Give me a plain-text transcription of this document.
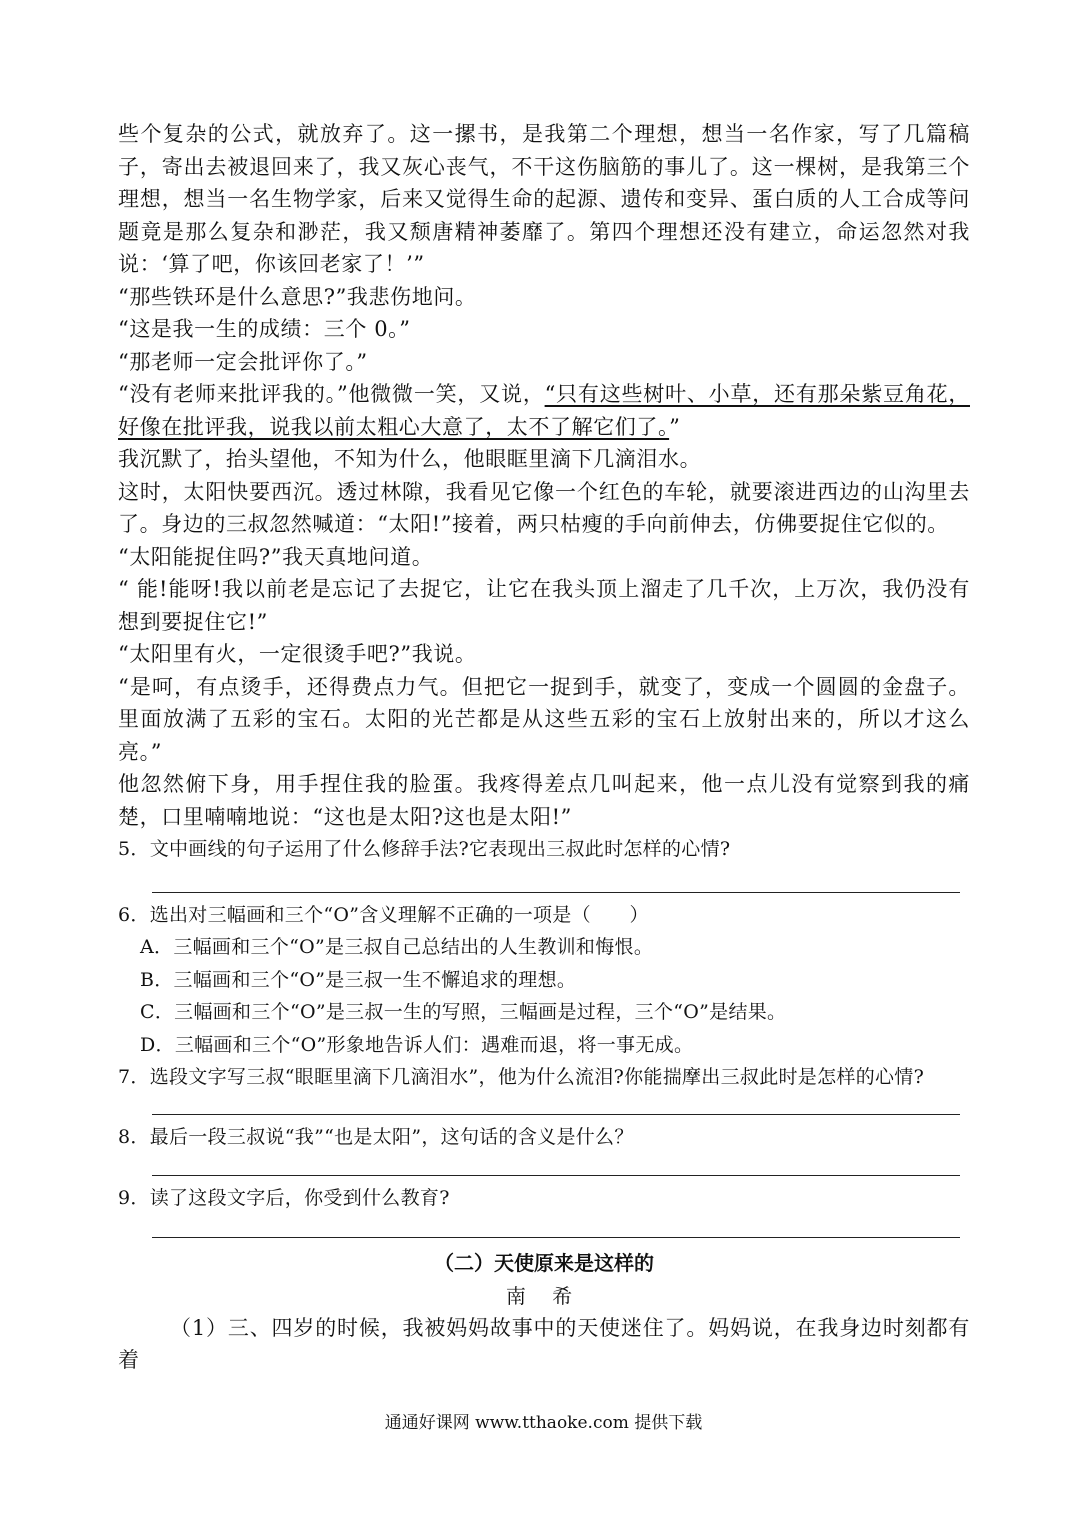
些个复杂的公式，就放弃了。这一摞书，是我第二个理想，想当一名作家，写了几篇稿子，寄出去被退回来了，我又灰心丧气，不干这伤脑筋的事儿了。这一棵树，是我第三个理想，想当一名生物学家，后来又觉得生命的起源、遗传和变异、蛋白质的人工合成等问题竟是那么复杂和渺茫，我又颓唐精神萎靡了。第四个理想还没有建立，命运忽然对我说：‘算了吧，你该回老家了！’”

“那些铁环是什么意思?”我悲伤地问。

“这是我一生的成绩：三个 0。”

“那老师一定会批评你了。”

“没有老师来批评我的。”他微微一笑，又说，“只有这些树叶、小草，还有那朵紫豆角花，好像在批评我，说我以前太粗心大意了，太不了解它们了。”

我沉默了，抬头望他，不知为什么，他眼眶里滴下几滴泪水。

这时，太阳快要西沉。透过林隙，我看见它像一个红色的车轮，就要滚进西边的山沟里去了。身边的三叔忽然喊道：“太阳!”接着，两只枯瘦的手向前伸去，仿佛要捉住它似的。

“太阳能捉住吗?”我天真地问道。

“ 能!能呀!我以前老是忘记了去捉它，让它在我头顶上溜走了几千次，上万次，我仍没有想到要捉住它!”

“太阳里有火，一定很烫手吧?”我说。

“是呵，有点烫手，还得费点力气。但把它一捉到手，就变了，变成一个圆圆的金盘子。里面放满了五彩的宝石。太阳的光芒都是从这些五彩的宝石上放射出来的，所以才这么亮。”

他忽然俯下身，用手捏住我的脸蛋。我疼得差点几叫起来，他一点儿没有觉察到我的痛楚，口里喃喃地说：“这也是太阳?这也是太阳!”

5．文中画线的句子运用了什么修辞手法?它表现出三叔此时怎样的心情?

6．选出对三幅画和三个“O”含义理解不正确的一项是（　　）

A．三幅画和三个“O”是三叔自己总结出的人生教训和悔恨。

B．三幅画和三个“O”是三叔一生不懈追求的理想。

C．三幅画和三个“O”是三叔一生的写照，三幅画是过程，三个“O”是结果。

D．三幅画和三个“O”形象地告诉人们：遇难而退，将一事无成。

7．选段文字写三叔“眼眶里滴下几滴泪水”，他为什么流泪?你能揣摩出三叔此时是怎样的心情?

8．最后一段三叔说“我”“也是太阳”，这句话的含义是什么？

9．读了这段文字后，你受到什么教育?

（二）天使原来是这样的

南 希

（1）三、四岁的时候，我被妈妈故事中的天使迷住了。妈妈说，在我身边时刻都有着

通通好课网 www.tthaoke.com 提供下载
